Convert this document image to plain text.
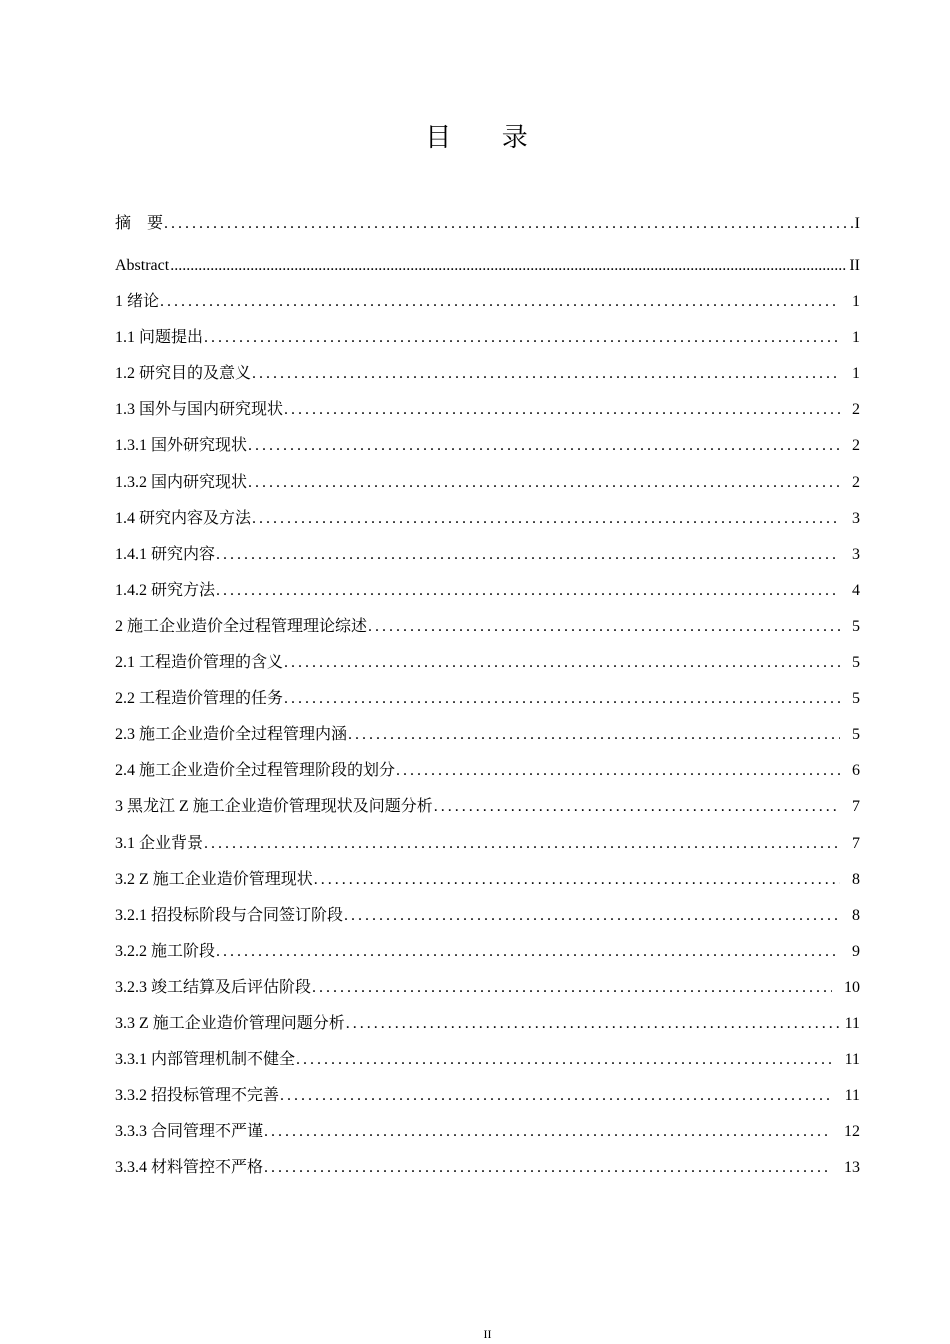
目 录
摘　要 .....	I
Abstract .....	II
1 绪论 .....	1
1.1 问题提出 .....	1
1.2 研究目的及意义 .....	1
1.3 国外与国内研究现状 .....	2
1.3.1 国外研究现状 .....	2
1.3.2 国内研究现状 .....	2
1.4 研究内容及方法 .....	3
1.4.1 研究内容 .....	3
1.4.2 研究方法 .....	4
2 施工企业造价全过程管理理论综述 .....	5
2.1 工程造价管理的含义 .....	5
2.2 工程造价管理的任务 .....	5
2.3 施工企业造价全过程管理内涵 .....	5
2.4 施工企业造价全过程管理阶段的划分 .....	6
3 黑龙江 Z 施工企业造价管理现状及问题分析 .....	7
3.1 企业背景 .....	7
3.2 Z 施工企业造价管理现状 .....	8
3.2.1 招投标阶段与合同签订阶段 .....	8
3.2.2 施工阶段 .....	9
3.2.3 竣工结算及后评估阶段 .....	10
3.3 Z 施工企业造价管理问题分析 .....	11
3.3.1 内部管理机制不健全 .....	11
3.3.2 招投标管理不完善 .....	11
3.3.3 合同管理不严谨 .....	12
3.3.4 材料管控不严格 .....	13
II
